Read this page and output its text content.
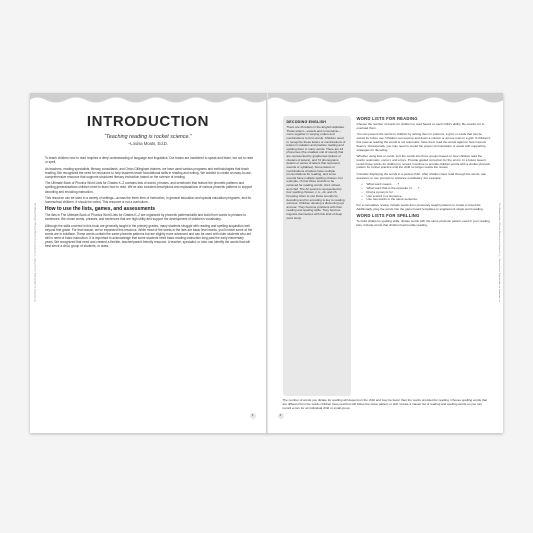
The Ultimate Book of Phonics Word Lists for Grades K–2 © Ulysses Press. Reproducible for classroom use.
INTRODUCTION
“Teaching reading is rocket science.”
–Louisa Moats, Ed.D.

To teach children how to read requires a deep understanding of language and linguistics. Our brains are hardwired to speak and listen, but not to read or spell.

As teachers, reading specialists, literacy consultants, and Orton-Gillingham trainers, we have used various programs and methodologies that teach reading. We recognized the need for resources to help teachers teach foundational skills in reading and writing. We wanted to create an easy-to-use, comprehensive resource that supports structured literacy instruction based on the science of reading.

The Ultimate Book of Phonics Word Lists for Grades K–2 contains lists of words, phrases, and sentences that feature the phonetic patterns and spelling generalizations children need to learn how to read. We’ve also included descriptions and explanations of various phonetic patterns to support decoding and encoding instruction.

This resource can be used in a variety of settings—across the three tiers of instruction, in general education and special education programs, and for homeschool children. It should be noted, This resource is not a curriculum.

How to use the lists, games, and assessments

The lists in The Ultimate Book of Phonics Word Lists for Grades K–2 are organized by phonetic patterns/skills and build from words to phrases to sentences. We chose words, phrases, and sentences that are high utility and support the development of children’s vocabulary.

Although the skills covered in this book are generally taught in the primary grades, many students struggle with reading and spelling acquisition well beyond first grade. For that reason, we’ve expanded this resource. While most of the words in the lists are basic level words, you’ll notice some of the words are in boldface. These words contain the same phonetic patterns but are slightly more advanced and can be used with older students who are still in need of basic instruction. It is important to acknowledge that some students need basic reading instruction long past the early elementary years. We recognized that need and created a flexible, teacher/parent-friendly resource. A teacher, specialist, or tutor can identify the words that will best serve a child, group of students, or class.

5
The Ultimate Book of Phonics Word Lists for Grades K–2 © Ulysses Press. Reproducible for classroom use.
DECODING ENGLISH
There are 26 letters in the English alphabet. These letters—vowels and consonants—come together in varying orders and combinations to form words. Children need to recognize these letters or combinations of letters in isolation and practice reading and spelling them in many words. There are 44 phonemes (the smallest unit of sound) that are represented by graphemes (letters or clusters of letters), and 72 phonograms (letters or series of letters that represent sounds or syllables). Some letters or combinations of letters have multiple pronunciations for reading, and some sounds have multiple spelling choices. For example, ch has three sounds to be retrieved for reading words: chef, school, and chef. The /k/ sound is represented by four spelling choices: c, k, -ck, and ch. Knowing when to use these sounds for decoding and for encoding is key to reading success. Children develop a discerning eye and ear. They become proficient with their reading and spelling skills. They become linguists themselves with this kind of deep word study.
WORD LISTS FOR READING

Choose the number of words for children to read based on each child’s ability. Be careful not to overload them.

You can present the words to children by writing them in columns, a grid, or cards that can be stored for future use. Children can read up and down a column or across rows in a grid. If children’s first pass at reading the words is not automatic, have them read the words again to help improve fluency. Occasionally, you may need to model the proper pronunciation or assist with supporting strategies for decoding.

Whether using lists or cards, sort the words into three groups based on how children read the words: automatic, correct, and errors. Provide guided correction for the errors. In a future lesson, revisit those words for children to reread. Continue to provide children words with a similar phonetic pattern for further practice until the child no longer needs the review.

Consider displaying the words in a pocket chart. After children have read through the words, ask questions or use prompts to enhance vocabulary. For example:

• What word means . . . ?
• What word that is the opposite of . . . ?
• Find a synonym for . . .
• Use a word in a sentence.
• Use two words in the same sentence.

For a cumulative review, include words from previously taught patterns to create a mixed list. Additionally, plug the words into the game board templates to supplement single word reading.

WORD LISTS FOR SPELLING

To build children’s spelling skills, dictate words with the same phonetic pattern used in your reading lists. Include words that children had trouble reading.

The number of words you dictate for spelling will depend on the child and may be fewer than the words provided for reading. Choose spelling words that are different from the words children have read but still follow the same pattern or skill. Create a master list of reading and spelling words so you can record errors for an individual child or small group.

6
